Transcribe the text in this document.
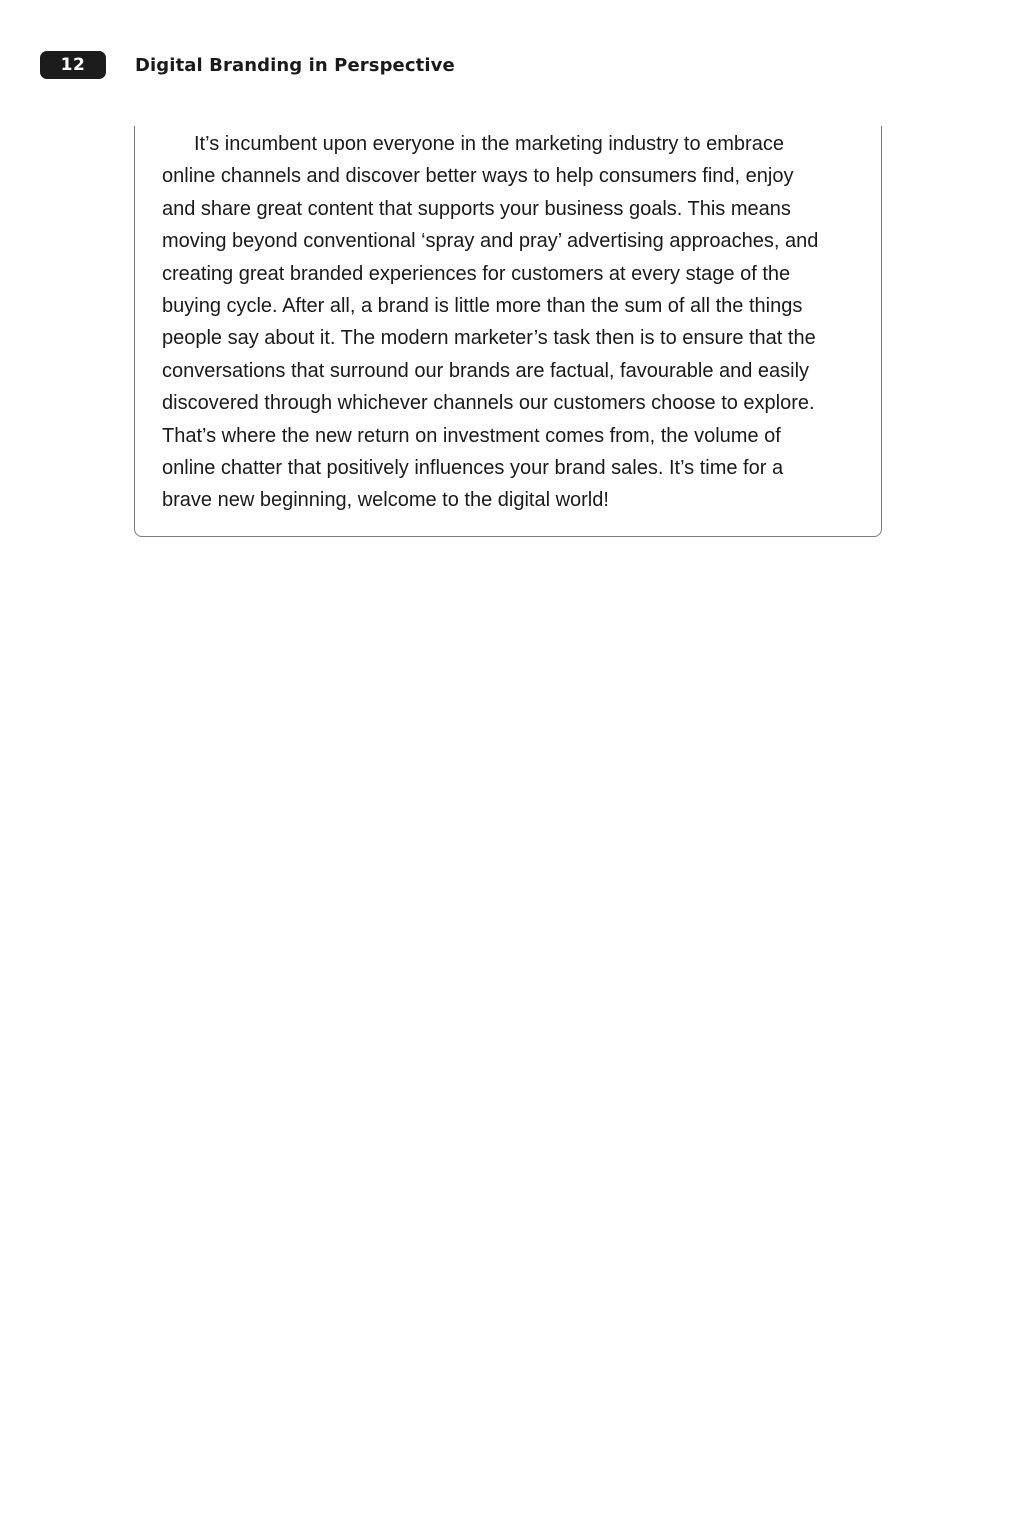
12	Digital Branding in Perspective

It’s incumbent upon everyone in the marketing industry to embrace
online channels and discover better ways to help consumers find, enjoy
and share great content that supports your business goals. This means
moving beyond conventional ‘spray and pray’ advertising approaches, and
creating great branded experiences for customers at every stage of the
buying cycle. After all, a brand is little more than the sum of all the things
people say about it. The modern marketer’s task then is to ensure that the
conversations that surround our brands are factual, favourable and easily
discovered through whichever channels our customers choose to explore.
That’s where the new return on investment comes from, the volume of
online chatter that positively influences your brand sales. It’s time for a
brave new beginning, welcome to the digital world!
